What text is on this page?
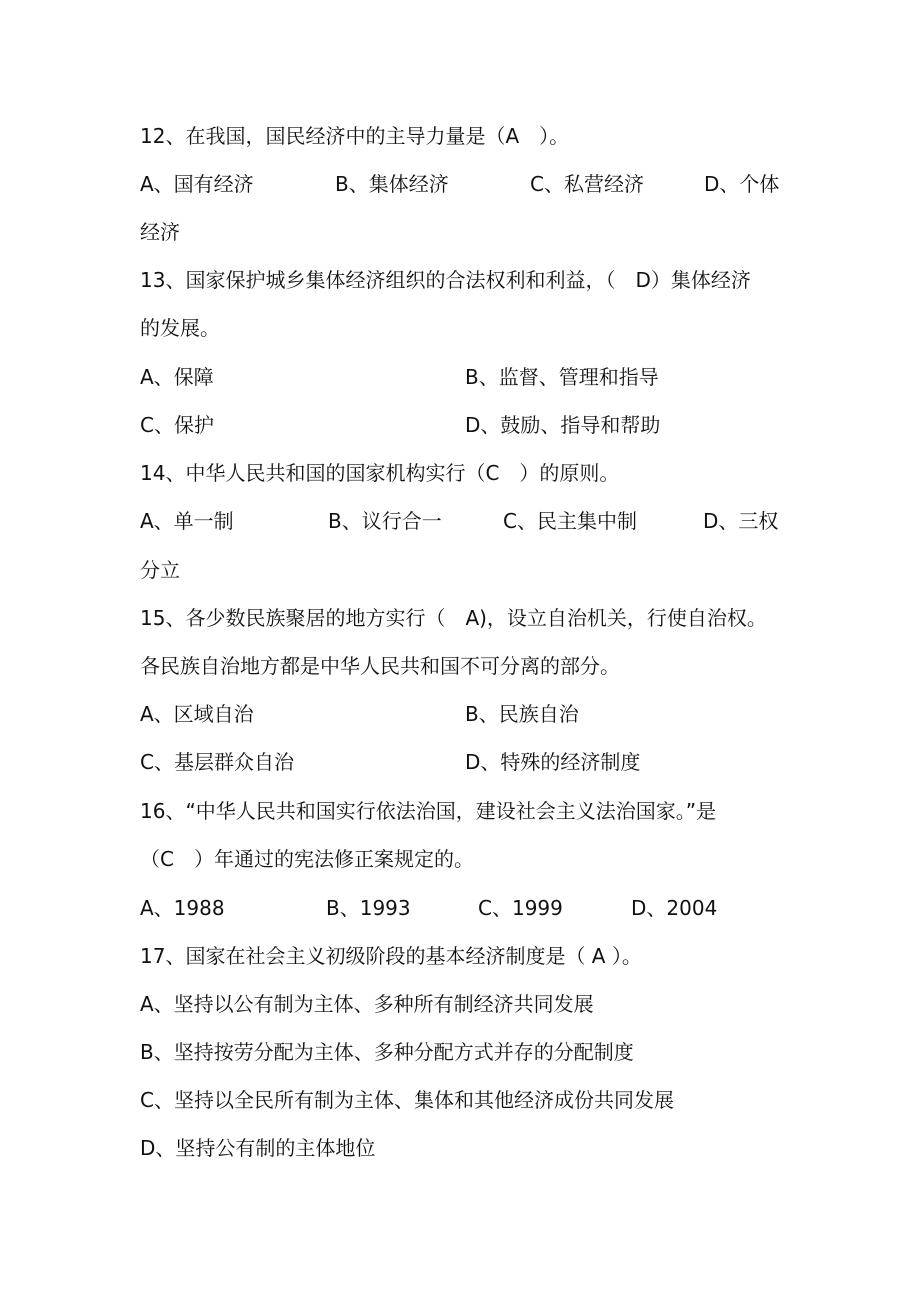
12、在我国，国民经济中的主导力量是（A　）。
A、国有经济	B、集体经济	C、私营经济	D、个体
经济
13、国家保护城乡集体经济组织的合法权利和利益，（　D）集体经济
的发展。
A、保障	B、监督、管理和指导
C、保护	D、鼓励、指导和帮助
14、中华人民共和国的国家机构实行（C　）的原则。
A、单一制	B、议行合一	C、民主集中制	D、三权
分立
15、各少数民族聚居的地方实行（　A)，设立自治机关，行使自治权。
各民族自治地方都是中华人民共和国不可分离的部分。
A、区域自治	B、民族自治
C、基层群众自治	D、特殊的经济制度
16、“中华人民共和国实行依法治国，建设社会主义法治国家。”是
（C　）年通过的宪法修正案规定的。
A、1988	B、1993	C、1999	D、2004
17、国家在社会主义初级阶段的基本经济制度是（ A ）。
A、坚持以公有制为主体、多种所有制经济共同发展
B、坚持按劳分配为主体、多种分配方式并存的分配制度
C、坚持以全民所有制为主体、集体和其他经济成份共同发展
D、坚持公有制的主体地位
